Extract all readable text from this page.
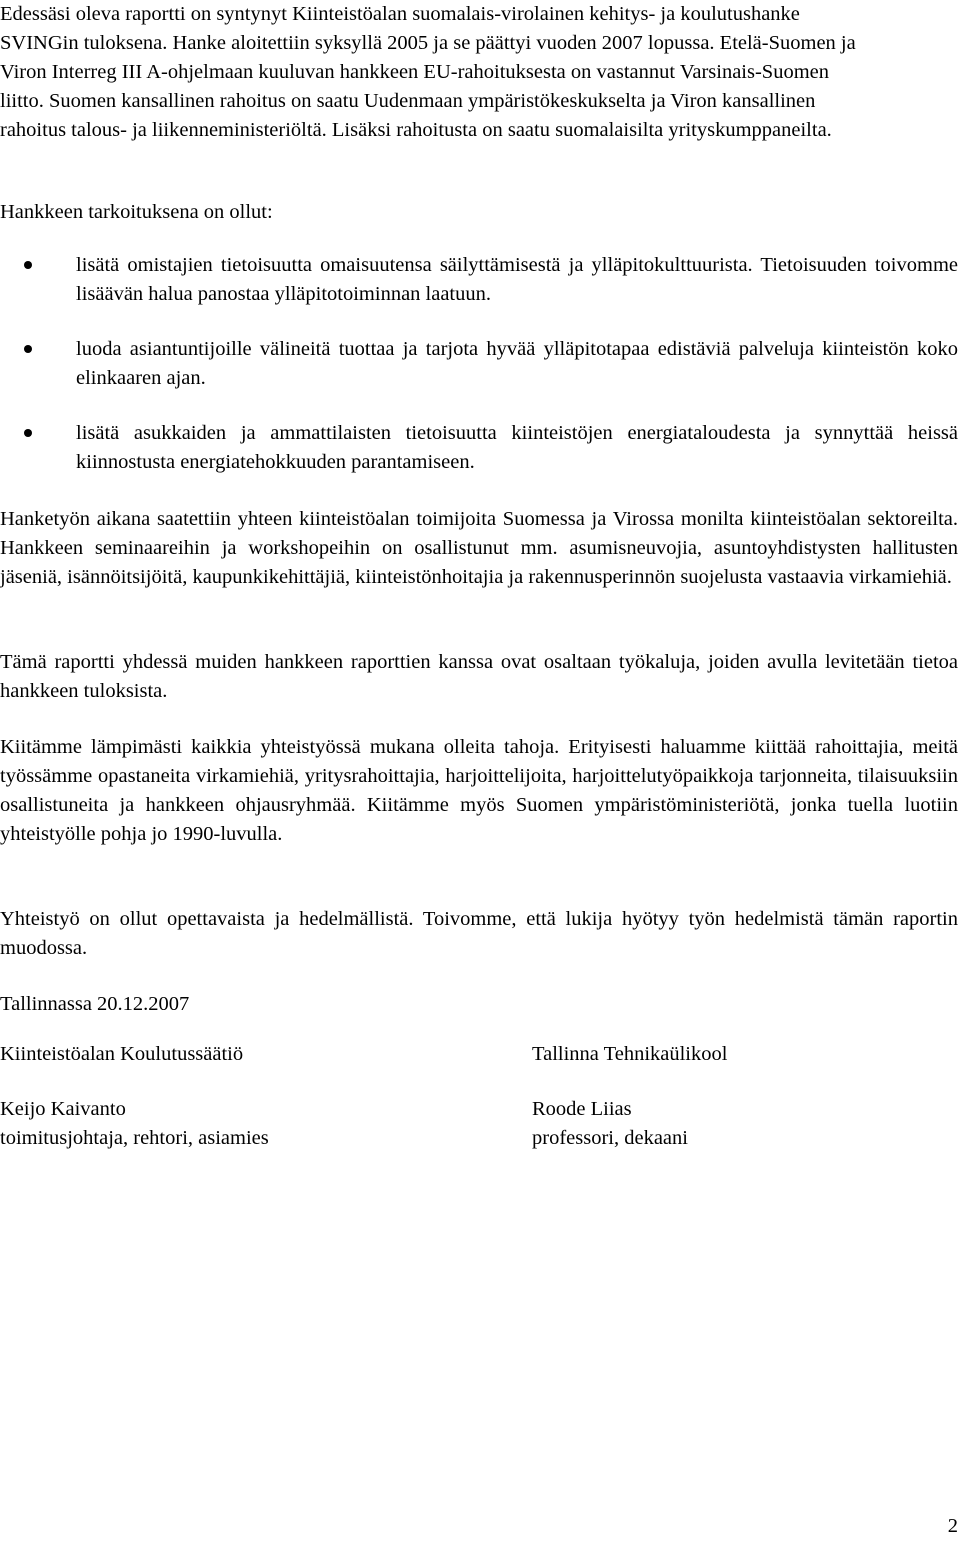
Edessäsi oleva raportti on syntynyt Kiinteistöalan suomalais-virolainen kehitys- ja koulutushanke SVINGin tuloksena. Hanke aloitettiin syksyllä 2005 ja se päättyi vuoden 2007 lopussa. Etelä-Suomen ja Viron Interreg III A-ohjelmaan kuuluvan hankkeen EU-rahoituksesta on vastannut Varsinais-Suomen liitto. Suomen kansallinen rahoitus on saatu Uudenmaan ympäristökeskukselta ja Viron kansallinen rahoitus talous- ja liikenneministeriöltä. Lisäksi rahoitusta on saatu suomalaisilta yrityskumppaneilta.

Hankkeen tarkoituksena on ollut:

lisätä omistajien tietoisuutta omaisuutensa säilyttämisestä ja ylläpitokulttuurista. Tietoisuuden toivomme lisäävän halua panostaa ylläpitotoiminnan laatuun.
luoda asiantuntijoille välineitä tuottaa ja tarjota hyvää ylläpitotapaa edistäviä palveluja kiinteistön koko elinkaaren ajan.
lisätä asukkaiden ja ammattilaisten tietoisuutta kiinteistöjen energiataloudesta ja synnyttää heissä kiinnostusta energiatehokkuuden parantamiseen.

Hanketyön aikana saatettiin yhteen kiinteistöalan toimijoita Suomessa ja Virossa monilta kiinteistöalan sektoreilta. Hankkeen seminaareihin ja workshopeihin on osallistunut mm. asumisneuvojia, asuntoyhdistysten hallitusten jäseniä, isännöitsijöitä, kaupunkikehittäjiä, kiinteistönhoitajia ja rakennusperinnön suojelusta vastaavia virkamiehiä.

Tämä raportti yhdessä muiden hankkeen raporttien kanssa ovat osaltaan työkaluja, joiden avulla levitetään tietoa hankkeen tuloksista.

Kiitämme lämpimästi kaikkia yhteistyössä mukana olleita tahoja. Erityisesti haluamme kiittää rahoittajia, meitä työssämme opastaneita virkamiehiä, yritysrahoittajia, harjoittelijoita, harjoittelutyöpaikkoja tarjonneita, tilaisuuksiin osallistuneita ja hankkeen ohjausryhmää. Kiitämme myös Suomen ympäristöministeriötä, jonka tuella luotiin yhteistyölle pohja jo 1990-luvulla.

Yhteistyö on ollut opettavaista ja hedelmällistä. Toivomme, että lukija hyötyy työn hedelmistä tämän raportin muodossa.

Tallinnassa 20.12.2007

Kiinteistöalan Koulutussäätiö

Keijo Kaivanto

toimitusjohtaja, rehtori, asiamies

Tallinna Tehnikaülikool

Roode Liias

professori, dekaani

2
